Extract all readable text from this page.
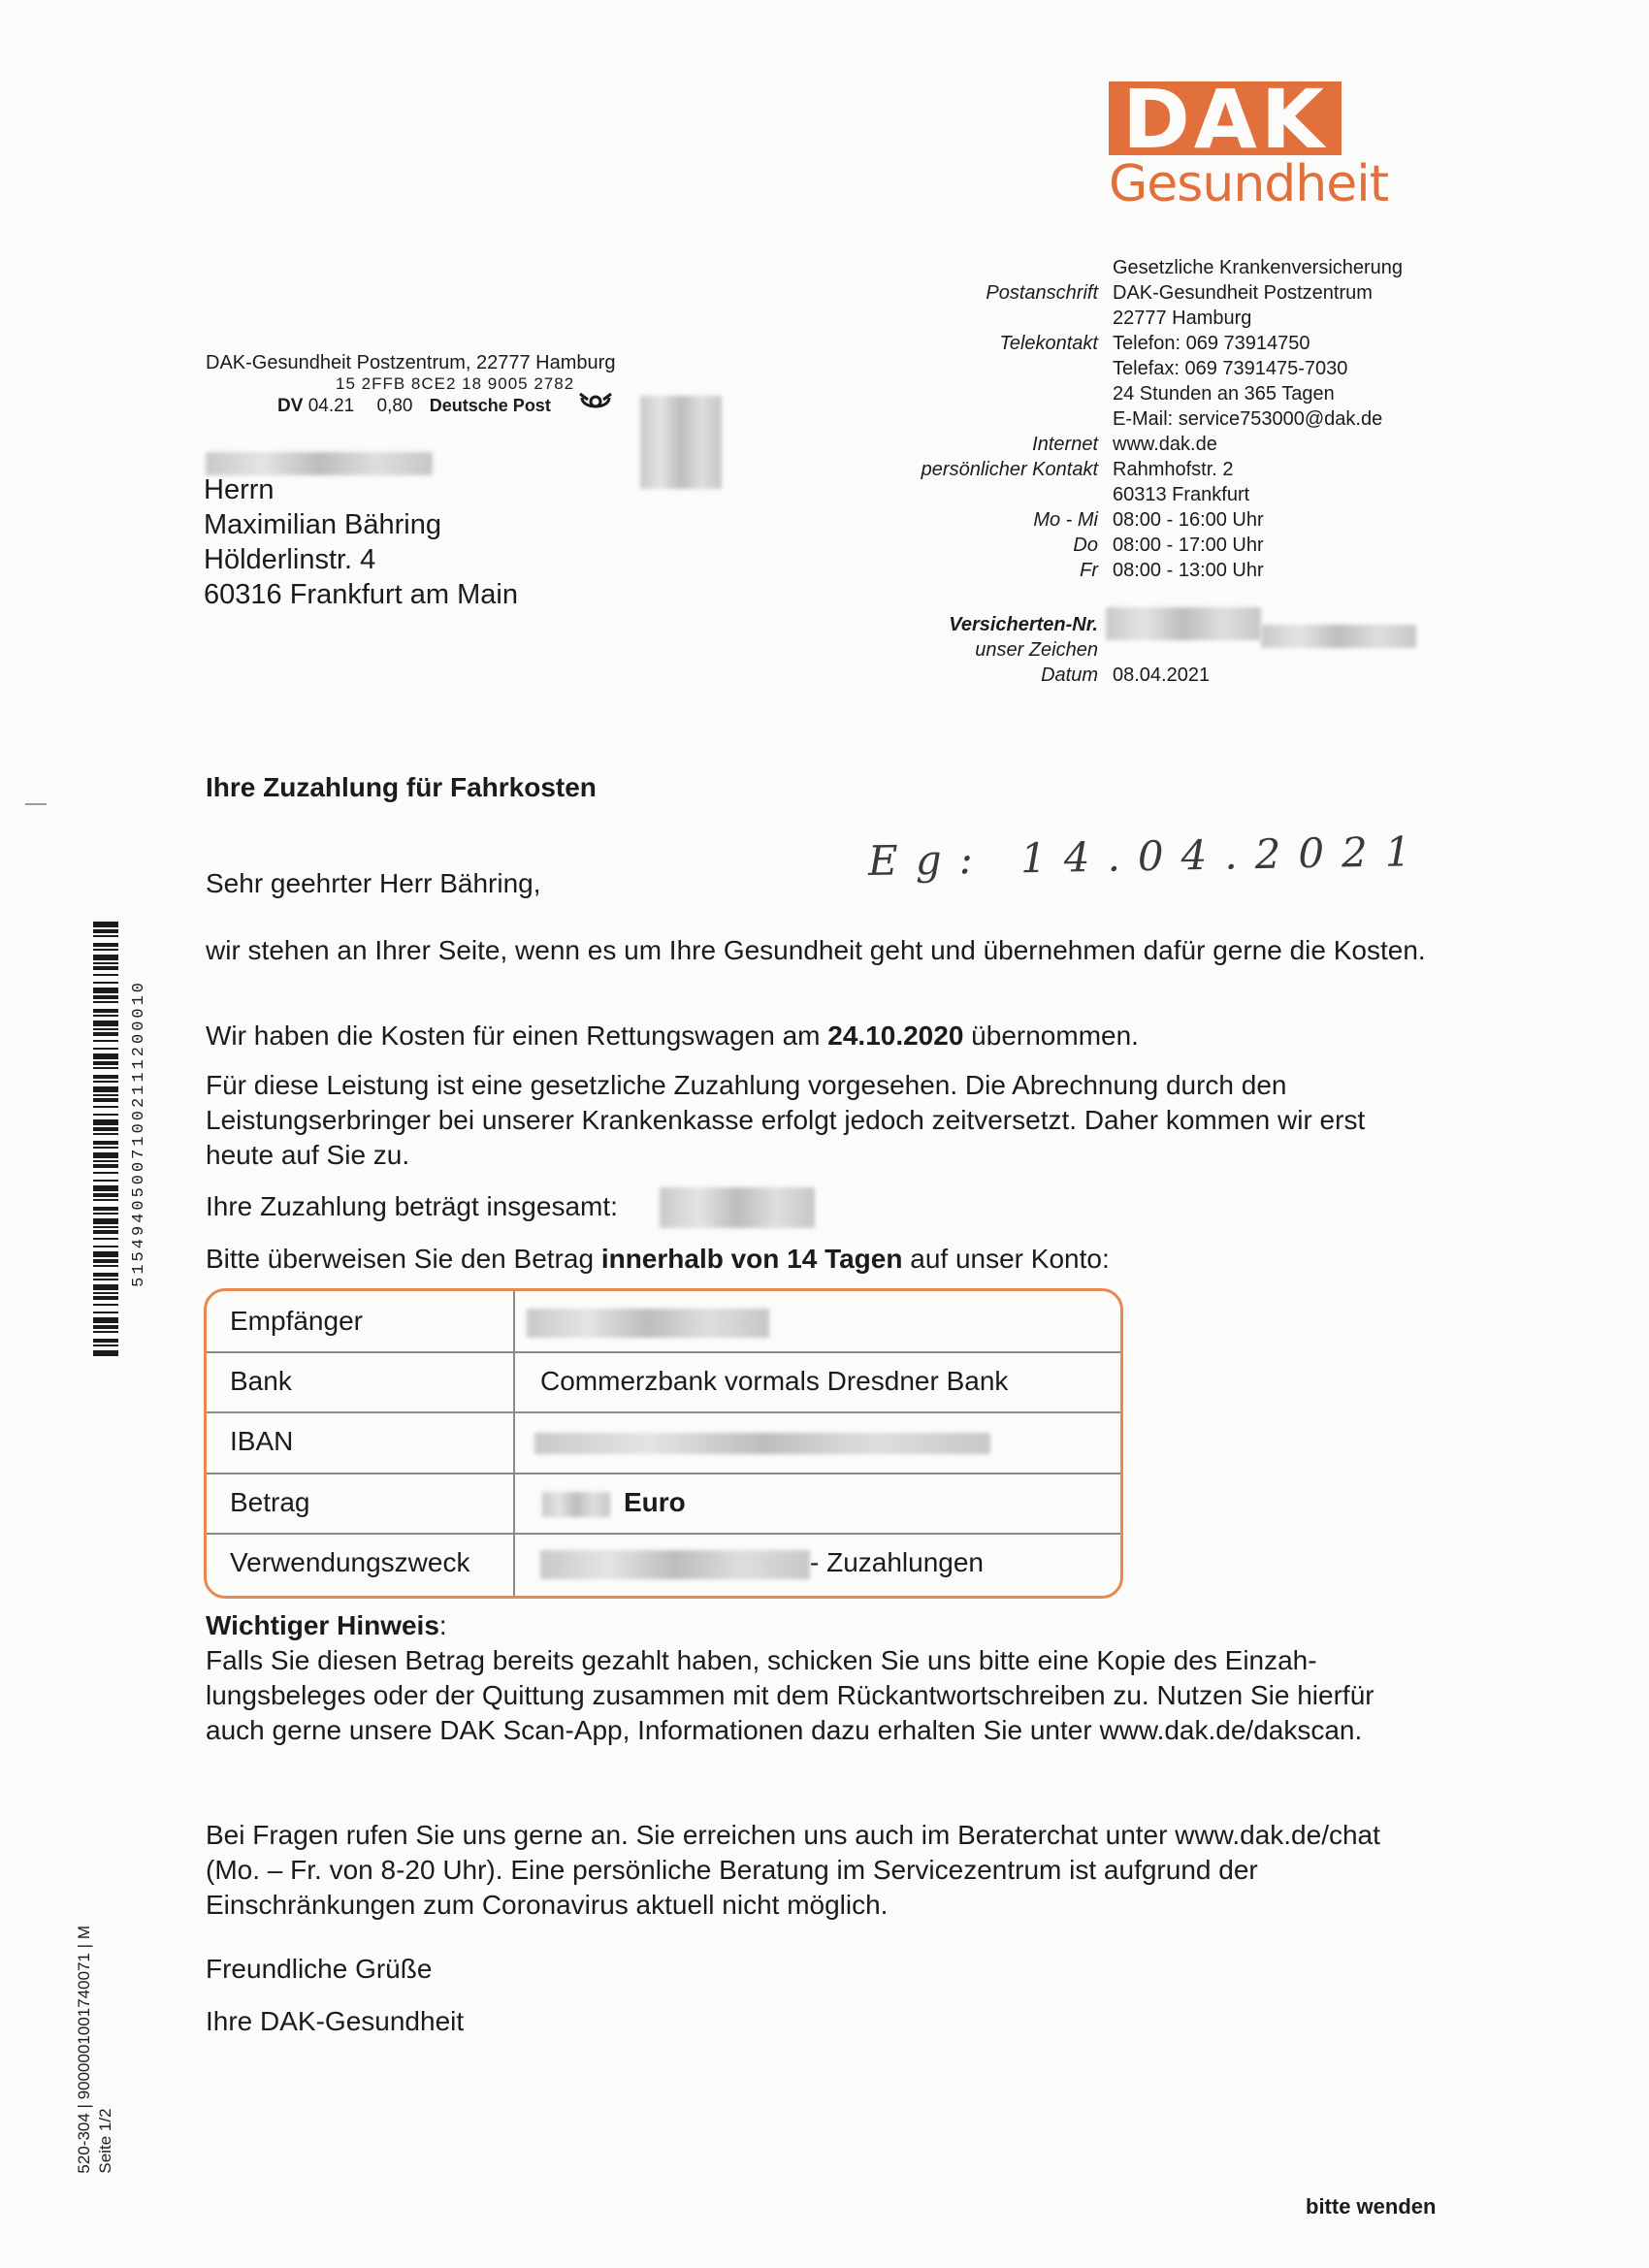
DAK
Gesundheit
Gesetzliche Krankenversicherung
Postanschrift DAK-Gesundheit Postzentrum
22777 Hamburg
Telekontakt Telefon: 069 73914750
Telefax: 069 7391475-7030
24 Stunden an 365 Tagen
E-Mail: service753000@dak.de
Internet www.dak.de
persönlicher Kontakt Rahmhofstr. 2
60313 Frankfurt
Mo - Mi 08:00 - 16:00 Uhr
Do 08:00 - 17:00 Uhr
Fr 08:00 - 13:00 Uhr
Versicherten-Nr.
unser Zeichen
Datum 08.04.2021
DAK-Gesundheit Postzentrum, 22777 Hamburg
15 2FFB 8CE2 18 9005 2782
DV 04.21 0,80 Deutsche Post
Herrn
Maximilian Bähring
Hölderlinstr. 4
60316 Frankfurt am Main
Ihre Zuzahlung für Fahrkosten
Eg: 14.04.2021
Sehr geehrter Herr Bähring,
wir stehen an Ihrer Seite, wenn es um Ihre Gesundheit geht und übernehmen dafür gerne die Kosten.
Wir haben die Kosten für einen Rettungswagen am 24.10.2020 übernommen.
Für diese Leistung ist eine gesetzliche Zuzahlung vorgesehen. Die Abrechnung durch den Leistungserbringer bei unserer Krankenkasse erfolgt jedoch zeitversetzt. Daher kommen wir erst heute auf Sie zu.
Ihre Zuzahlung beträgt insgesamt:
Bitte überweisen Sie den Betrag innerhalb von 14 Tagen auf unser Konto:
Empfänger
Bank	Commerzbank vormals Dresdner Bank
IBAN
Betrag	Euro
Verwendungszweck	- Zuzahlungen
Wichtiger Hinweis:
Falls Sie diesen Betrag bereits gezahlt haben, schicken Sie uns bitte eine Kopie des Einzah-lungsbeleges oder der Quittung zusammen mit dem Rückantwortschreiben zu. Nutzen Sie hierfür auch gerne unsere DAK Scan-App, Informationen dazu erhalten Sie unter www.dak.de/dakscan.
Bei Fragen rufen Sie uns gerne an. Sie erreichen uns auch im Beraterchat unter www.dak.de/chat (Mo. – Fr. von 8-20 Uhr). Eine persönliche Beratung im Servicezentrum ist aufgrund der Einschränkungen zum Coronavirus aktuell nicht möglich.
Freundliche Grüße
Ihre DAK-Gesundheit
bitte wenden
515494050071002111200010
520-304 | 9000001001740071 | M Seite 1/2
